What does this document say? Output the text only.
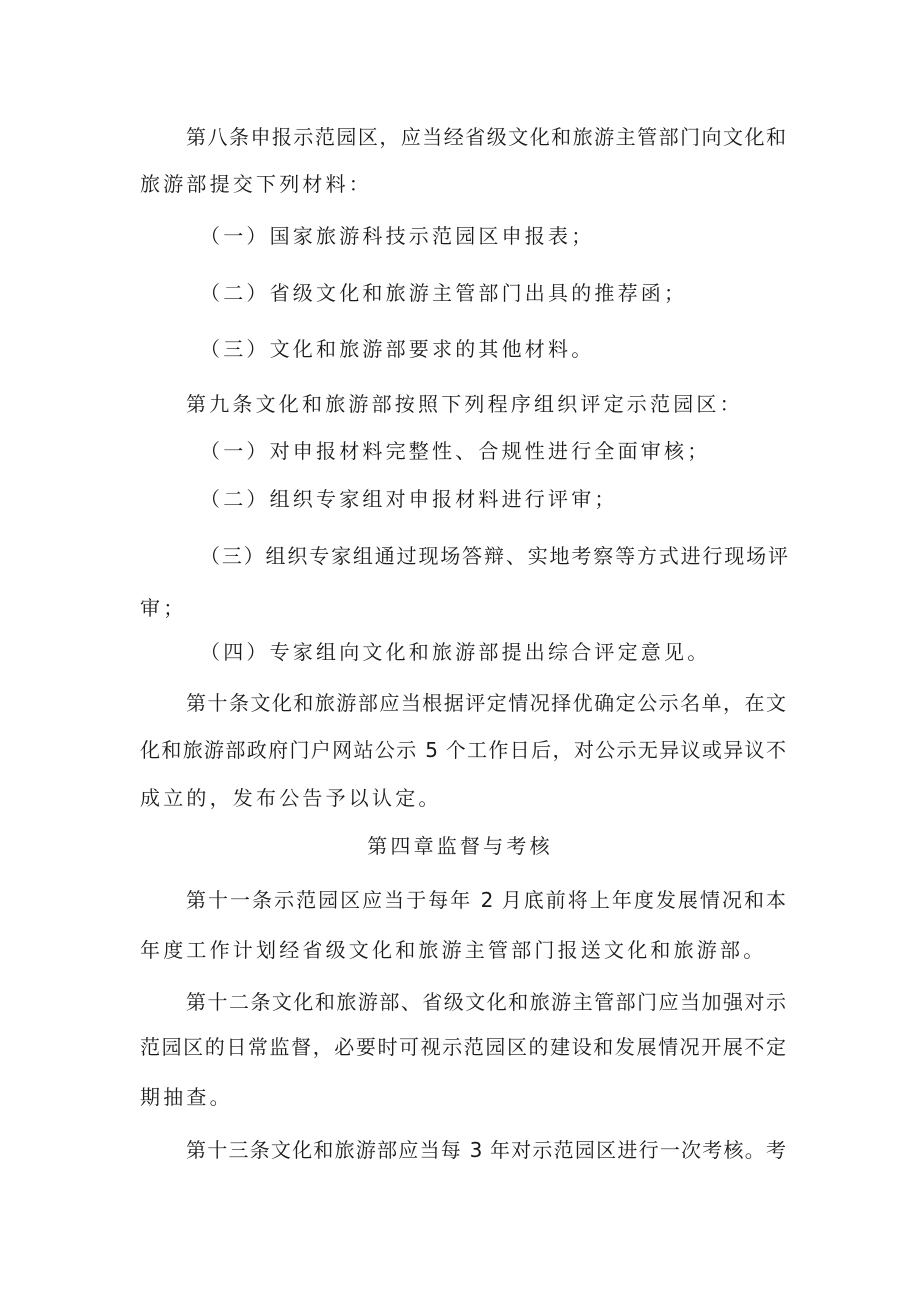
第八条申报示范园区，应当经省级文化和旅游主管部门向文化和
旅游部提交下列材料：
（一）国家旅游科技示范园区申报表；
（二）省级文化和旅游主管部门出具的推荐函；
（三）文化和旅游部要求的其他材料。
第九条文化和旅游部按照下列程序组织评定示范园区：
（一）对申报材料完整性、合规性进行全面审核；
（二）组织专家组对申报材料进行评审；
（三）组织专家组通过现场答辩、实地考察等方式进行现场评
审；
（四）专家组向文化和旅游部提出综合评定意见。
第十条文化和旅游部应当根据评定情况择优确定公示名单，在文
化和旅游部政府门户网站公示 5 个工作日后，对公示无异议或异议不
成立的，发布公告予以认定。
第四章监督与考核
第十一条示范园区应当于每年 2 月底前将上年度发展情况和本
年度工作计划经省级文化和旅游主管部门报送文化和旅游部。
第十二条文化和旅游部、省级文化和旅游主管部门应当加强对示
范园区的日常监督，必要时可视示范园区的建设和发展情况开展不定
期抽查。
第十三条文化和旅游部应当每 3 年对示范园区进行一次考核。考
